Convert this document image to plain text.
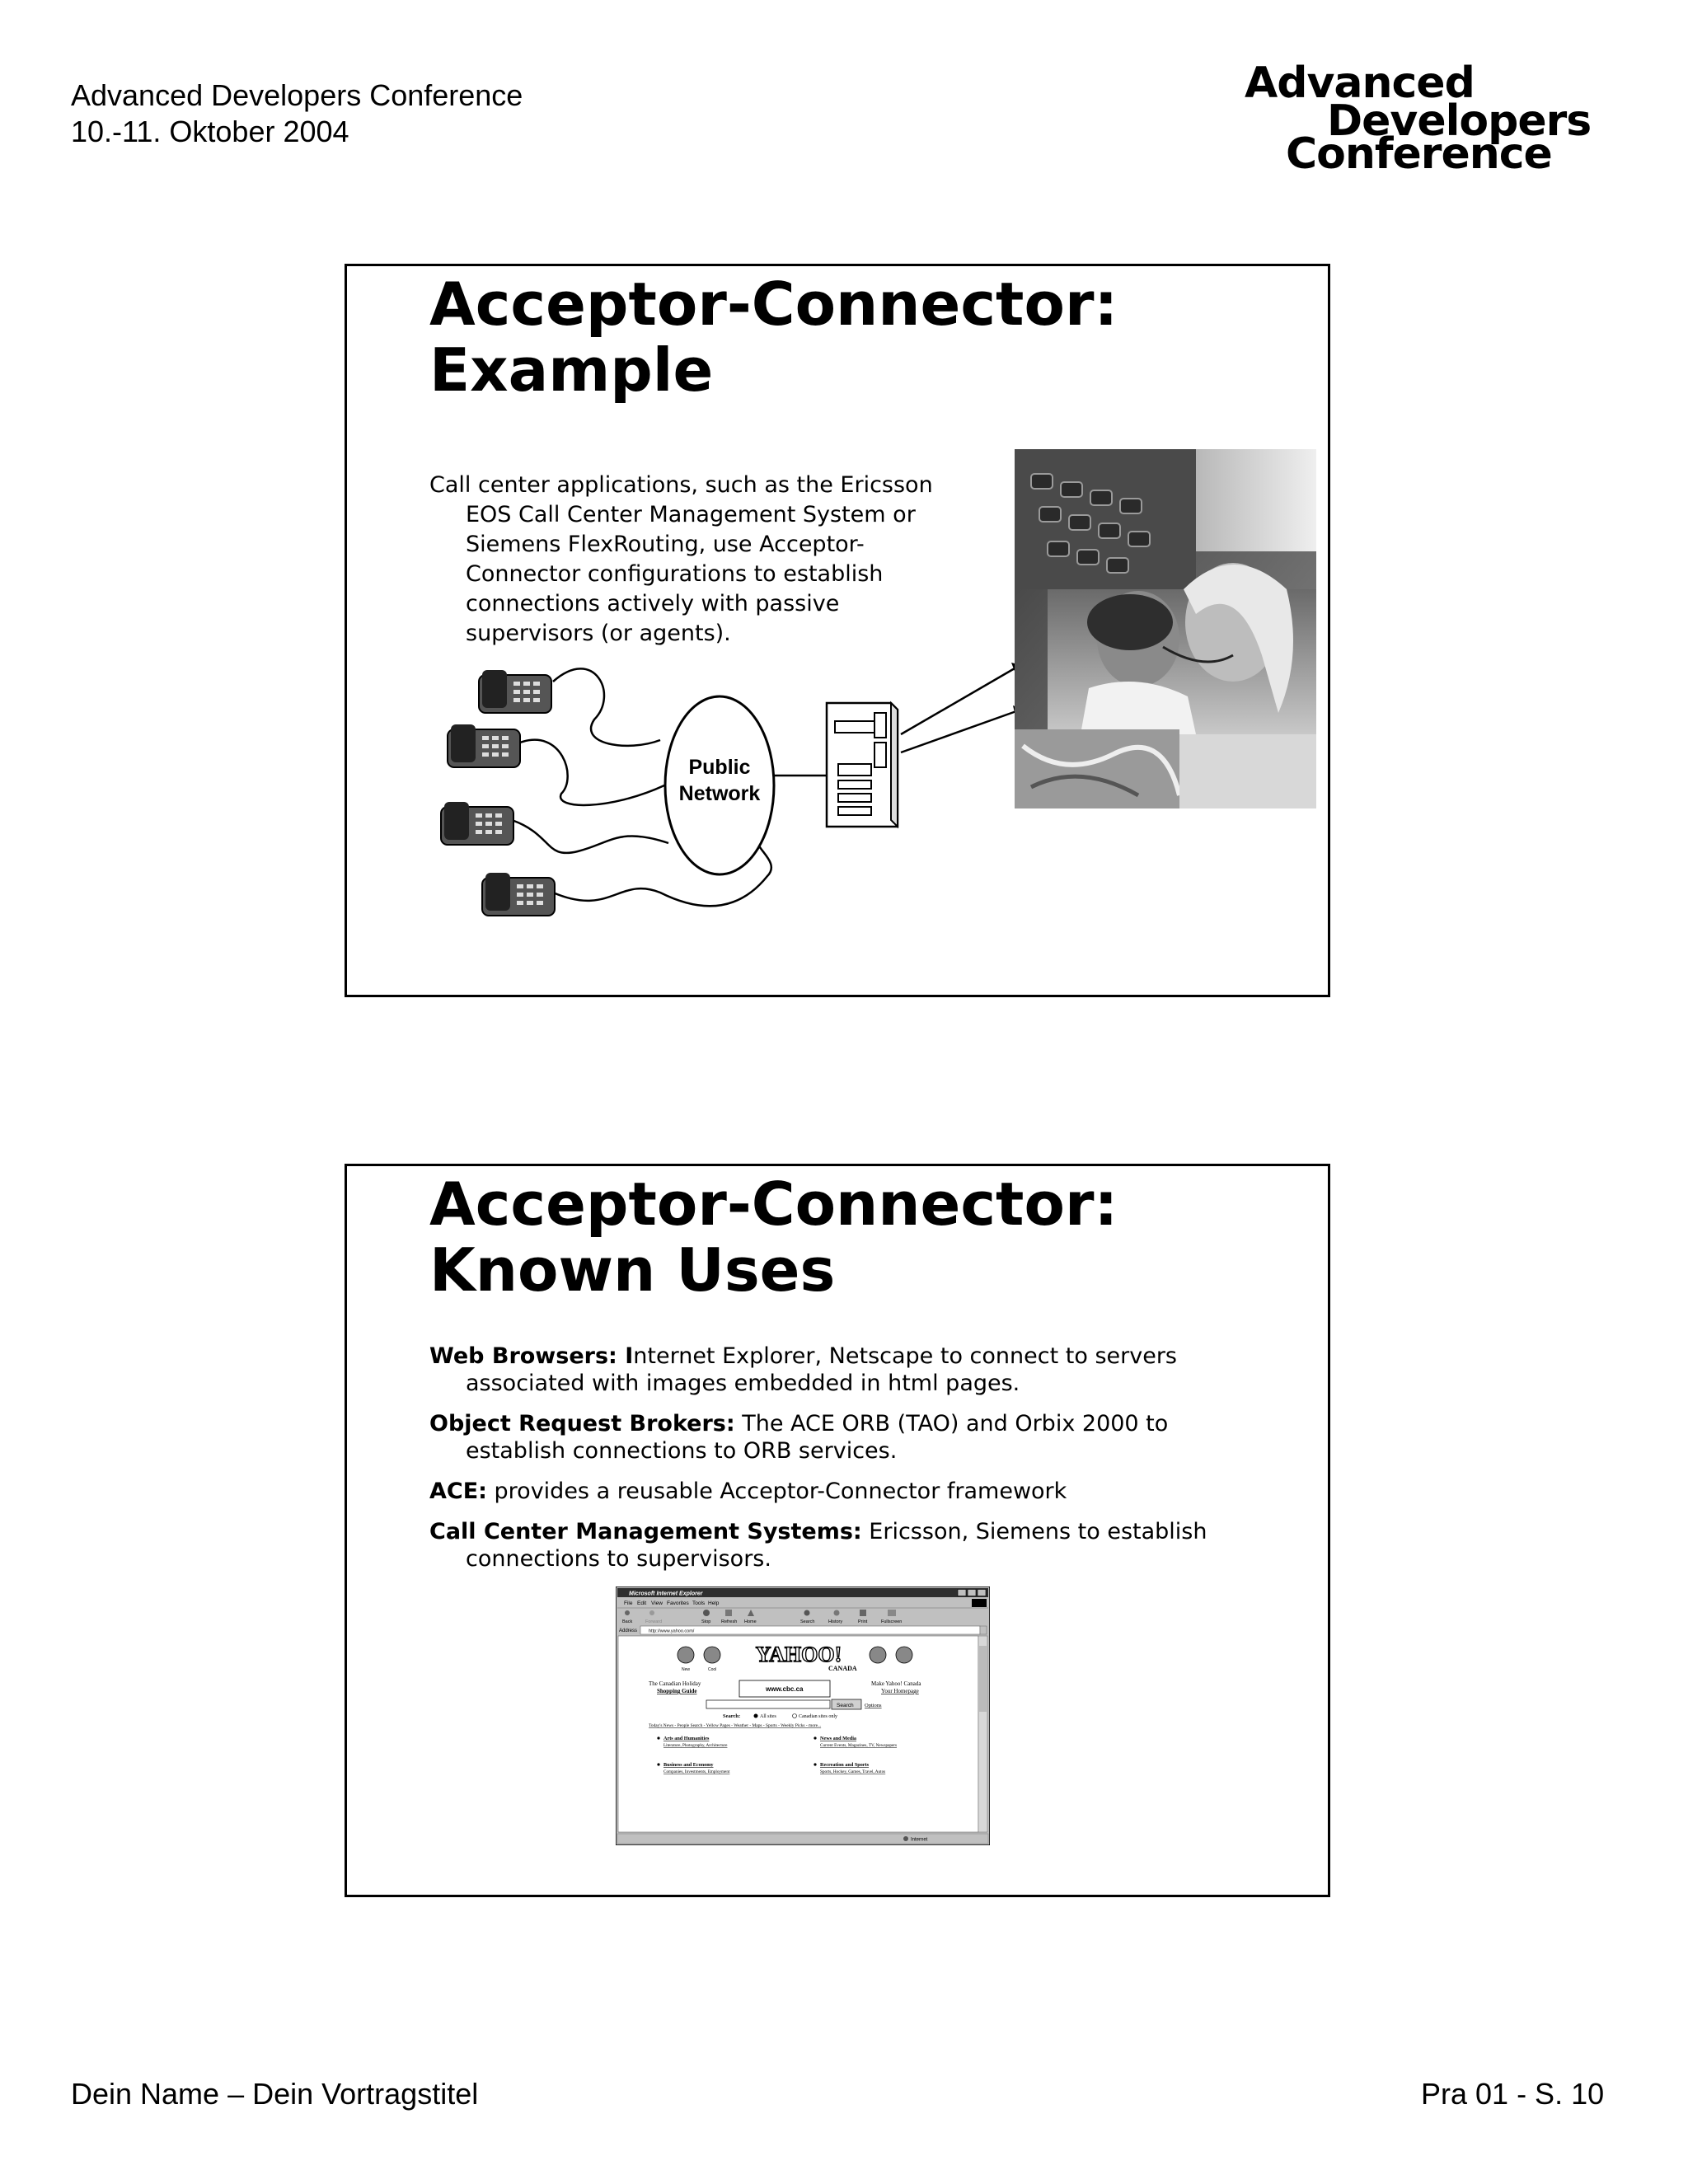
Advanced Developers Conference
10.-11. Oktober 2004
Advanced
Developers
Conference
Acceptor-Connector:
Example
Call center applications, such as the Ericsson EOS Call Center Management System or Siemens FlexRouting, use Acceptor-Connector configurations to establish connections actively with passive supervisors (or agents).
Public
Network
Acceptor-Connector:
Known Uses
Web Browsers: Internet Explorer, Netscape to connect to servers associated with images embedded in html pages.
Object Request Brokers: The ACE ORB (TAO) and Orbix 2000 to establish connections to ORB services.
ACE: provides a reusable Acceptor-Connector framework
Call Center Management Systems: Ericsson, Siemens to establish connections to supervisors.
Microsoft Internet Explorer
File Edit View Favorites Tools Help
Back	Forward	Stop Refresh Home	Search	History	Print	Fullscreen
Address	http://www.yahoo.com/
New	Cool
YAHOO!
CANADA
The Canadian Holiday
Shopping Guide	www.cbc.ca
Make Yahoo! Canada
Your Homepage
Search Options
Search:	All sites	Canadian sites only
Today's News - People Search - Yellow Pages - Weather - Maps - Sports - Weekly Picks - more...
Arts and Humanities
Literature, Photography, Architecture
News and Media
Current Events, Magazines, TV, Newspapers
Business and Economy
Companies, Investments, Employment
Recreation and Sports
Sports, Hockey, Games, Travel, Autos
Internet
Dein Name – Dein Vortragstitel	Pra 01 - S. 10
